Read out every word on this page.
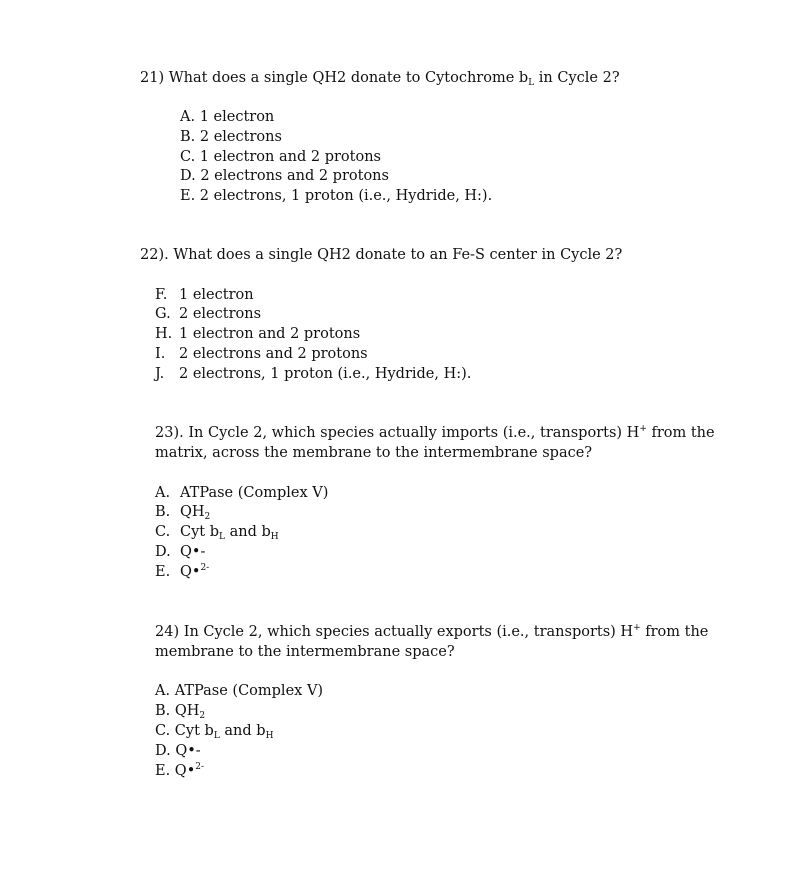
21) What does a single QH2 donate to Cytochrome $b_L$ in Cycle 2?
A. 1 electron
B. 2 electrons
C. 1 electron and 2 protons
D. 2 electrons and 2 protons
E. 2 electrons, 1 proton (i.e., Hydride, H:).
22). What does a single QH2 donate to an Fe-S center in Cycle 2?
F. 1 electron
G. 2 electrons
H. 1 electron and 2 protons
I. 2 electrons and 2 protons
J. 2 electrons, 1 proton (i.e., Hydride, H:).
23). In Cycle 2, which species actually imports (i.e., transports) H+ from the
matrix, across the membrane to the intermembrane space?
A. ATPase (Complex V)
B. $QH_2$
C. Cyt $b_L$ and $b_H$
D. Q•-
E. Q•$^{2-}$
24) In Cycle 2, which species actually exports (i.e., transports) H+ from the
membrane to the intermembrane space?
A. ATPase (Complex V)
B. $QH_2$
C. Cyt $b_L$ and $b_H$
D. Q•-
E. Q•$^{2-}$
